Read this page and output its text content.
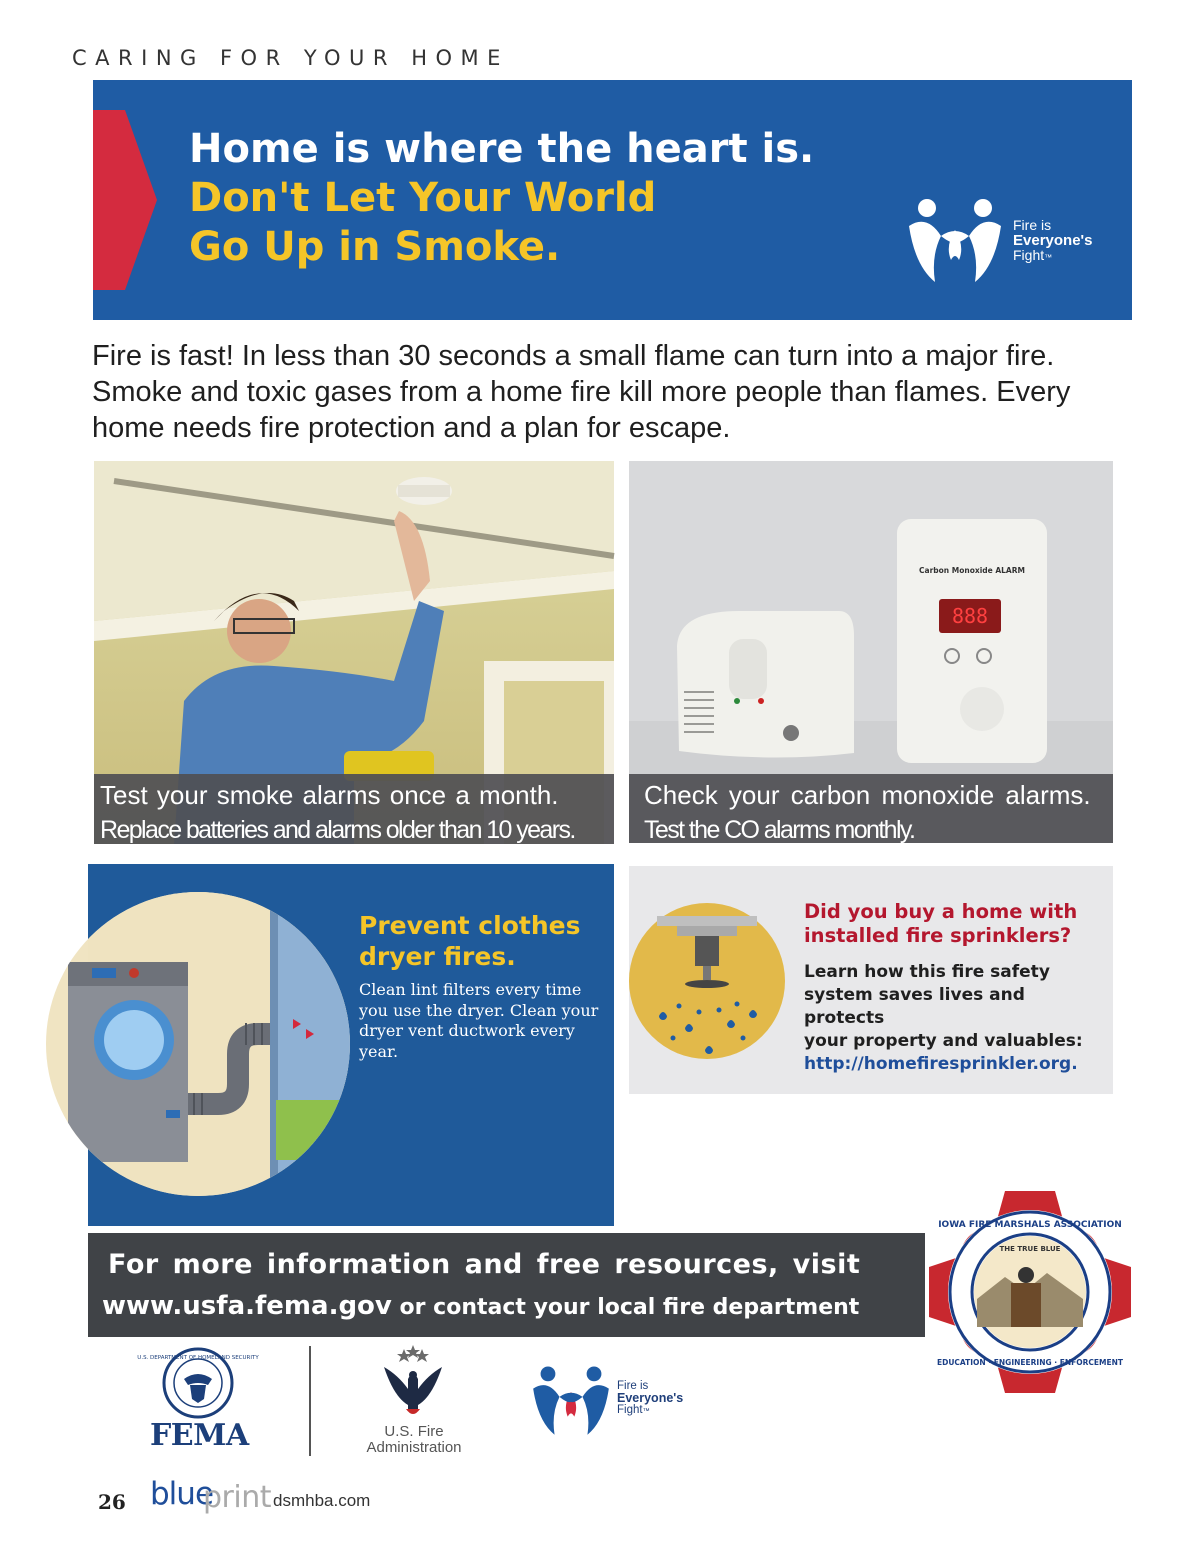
CARING FOR YOUR HOME
Home is where the heart is.
Don't Let Your World
Go Up in Smoke.	Fire is
Everyone's
Fight™
Fire is fast! In less than 30 seconds a small flame can turn into a major fire. Smoke and toxic gases from a home fire kill more people than flames. Every home needs fire protection and a plan for escape.
Test your smoke alarms once a month.
Replace batteries and alarms older than 10 years.
888
Carbon Monoxide ALARM
Check your carbon monoxide alarms.
Test the CO alarms monthly.
Prevent clothes
dryer fires.
Clean lint filters every time you use the dryer. Clean your dryer vent ductwork every year.
Did you buy a home with
installed fire sprinklers?
Learn how this fire safety
system saves lives and protects
your property and valuables:
http://homefiresprinkler.org.
For more information and free resources, visit
www.usfa.fema.gov or contact your local fire department
IOWA FIRE MARSHALS ASSOCIATION
EDUCATION · ENGINEERING · ENFORCEMENT
THE TRUE BLUE
U.S. DEPARTMENT OF HOMELAND SECURITY
FEMA	U.S. Fire
Administration
Fire is
Everyone's
Fight™
26 blue
print dsmhba.com
